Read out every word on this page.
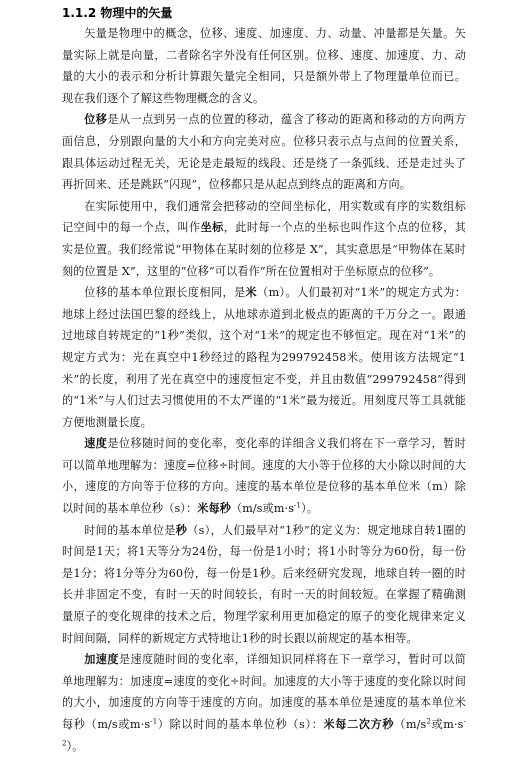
1.1.2 物理中的矢量

矢量是物理中的概念，位移、速度、加速度、力、动量、冲量都是矢量。矢量实际上就是向量，二者除名字外没有任何区别。位移、速度、加速度、力、动量的大小的表示和分析计算跟矢量完全相同，只是额外带上了物理量单位而已。现在我们逐个了解这些物理概念的含义。

位移是从一点到另一点的位置的移动，蕴含了移动的距离和移动的方向两方面信息，分别跟向量的大小和方向完美对应。位移只表示点与点间的位置关系，跟具体运动过程无关，无论是走最短的线段、还是绕了一条弧线、还是走过头了再折回来、还是跳跃“闪现”，位移都只是从起点到终点的距离和方向。

在实际使用中，我们通常会把移动的空间坐标化，用实数或有序的实数组标记空间中的每一个点，叫作坐标，此时每一个点的坐标也叫作这个点的位移，其实是位置。我们经常说“甲物体在某时刻的位移是 X”，其实意思是“甲物体在某时刻的位置是 X”，这里的“位移”可以看作“所在位置相对于坐标原点的位移”。

位移的基本单位跟长度相同，是米（m）。人们最初对“1米”的规定方式为：地球上经过法国巴黎的经线上，从地球赤道到北极点的距离的千万分之一。跟通过地球自转规定的“1秒”类似，这个对“1米”的规定也不够恒定。现在对“1米”的规定方式为：光在真空中1秒经过的路程为299792458米。使用该方法规定“1米”的长度，利用了光在真空中的速度恒定不变，并且由数值“299792458”得到的“1米”与人们过去习惯使用的不太严谨的“1米”最为接近。用刻度尺等工具就能方便地测量长度。

速度是位移随时间的变化率，变化率的详细含义我们将在下一章学习，暂时可以简单地理解为：速度=位移÷时间。速度的大小等于位移的大小除以时间的大小，速度的方向等于位移的方向。速度的基本单位是位移的基本单位米（m）除以时间的基本单位秒（s）：米每秒（m/s或$m\cdot s^{-1}$）。

时间的基本单位是秒（s），人们最早对“1秒”的定义为：规定地球自转1圈的时间是1天；将1天等分为24份，每一份是1小时；将1小时等分为60份，每一份是1分；将1分等分为60份，每一份是1秒。后来经研究发现，地球自转一圈的时长并非固定不变，有时一天的时间较长，有时一天的时间较短。在掌握了精确测量原子的变化规律的技术之后，物理学家利用更加稳定的原子的变化规律来定义时间间隔，同样的新规定方式特地让1秒的时长跟以前规定的基本相等。

加速度是速度随时间的变化率，详细知识同样将在下一章学习，暂时可以简单地理解为：加速度=速度的变化÷时间。加速度的大小等于速度的变化除以时间的大小，加速度的方向等于速度的方向。加速度的基本单位是速度的基本单位米每秒（m/s或$m\cdot s^{-1}$）除以时间的基本单位秒（s）：米每二次方秒（$m/s^2$或$m\cdot s^{-2}$）。
